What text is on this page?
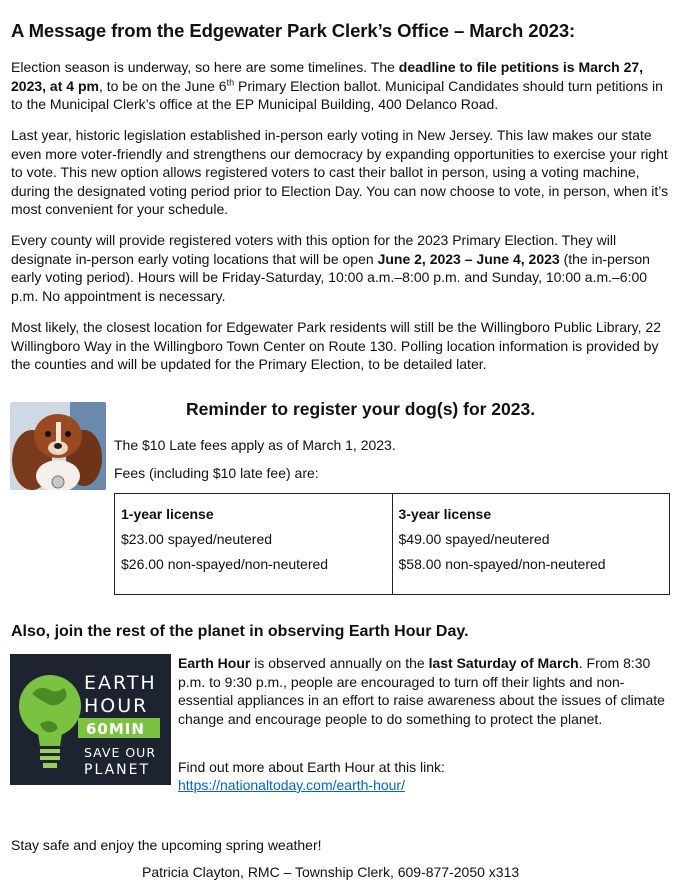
A Message from the Edgewater Park Clerk’s Office – March 2023:

Election season is underway, so here are some timelines. The deadline to file petitions is March 27, 2023, at 4 pm, to be on the June 6th Primary Election ballot. Municipal Candidates should turn petitions in to the Municipal Clerk’s office at the EP Municipal Building, 400 Delanco Road.

Last year, historic legislation established in-person early voting in New Jersey. This law makes our state even more voter-friendly and strengthens our democracy by expanding opportunities to exercise your right to vote. This new option allows registered voters to cast their ballot in person, using a voting machine, during the designated voting period prior to Election Day. You can now choose to vote, in person, when it’s most convenient for your schedule.

Every county will provide registered voters with this option for the 2023 Primary Election. They will designate in-person early voting locations that will be open June 2, 2023 – June 4, 2023 (the in-person early voting period). Hours will be Friday-Saturday, 10:00 a.m.–8:00 p.m. and Sunday, 10:00 a.m.–6:00 p.m. No appointment is necessary.

Most likely, the closest location for Edgewater Park residents will still be the Willingboro Public Library, 22 Willingboro Way in the Willingboro Town Center on Route 130. Polling location information is provided by the counties and will be updated for the Primary Election, to be detailed later.

Reminder to register your dog(s) for 2023.
The $10 Late fees apply as of March 1, 2023.
Fees (including $10 late fee) are:
1-year license
$23.00 spayed/neutered
$26.00 non-spayed/non-neutered

3-year license
$49.00 spayed/neutered
$58.00 non-spayed/non-neutered
Also, join the rest of the planet in observing Earth Hour Day.
EARTH
HOUR
60MIN
SAVE OUR
PLANET

Earth Hour is observed annually on the last Saturday of March. From 8:30 p.m. to 9:30 p.m., people are encouraged to turn off their lights and non-essential appliances in an effort to raise awareness about the issues of climate change and encourage people to do something to protect the planet.

Find out more about Earth Hour at this link:
https://nationaltoday.com/earth-hour/
Stay safe and enjoy the upcoming spring weather!
Patricia Clayton, RMC – Township Clerk, 609-877-2050 x313
